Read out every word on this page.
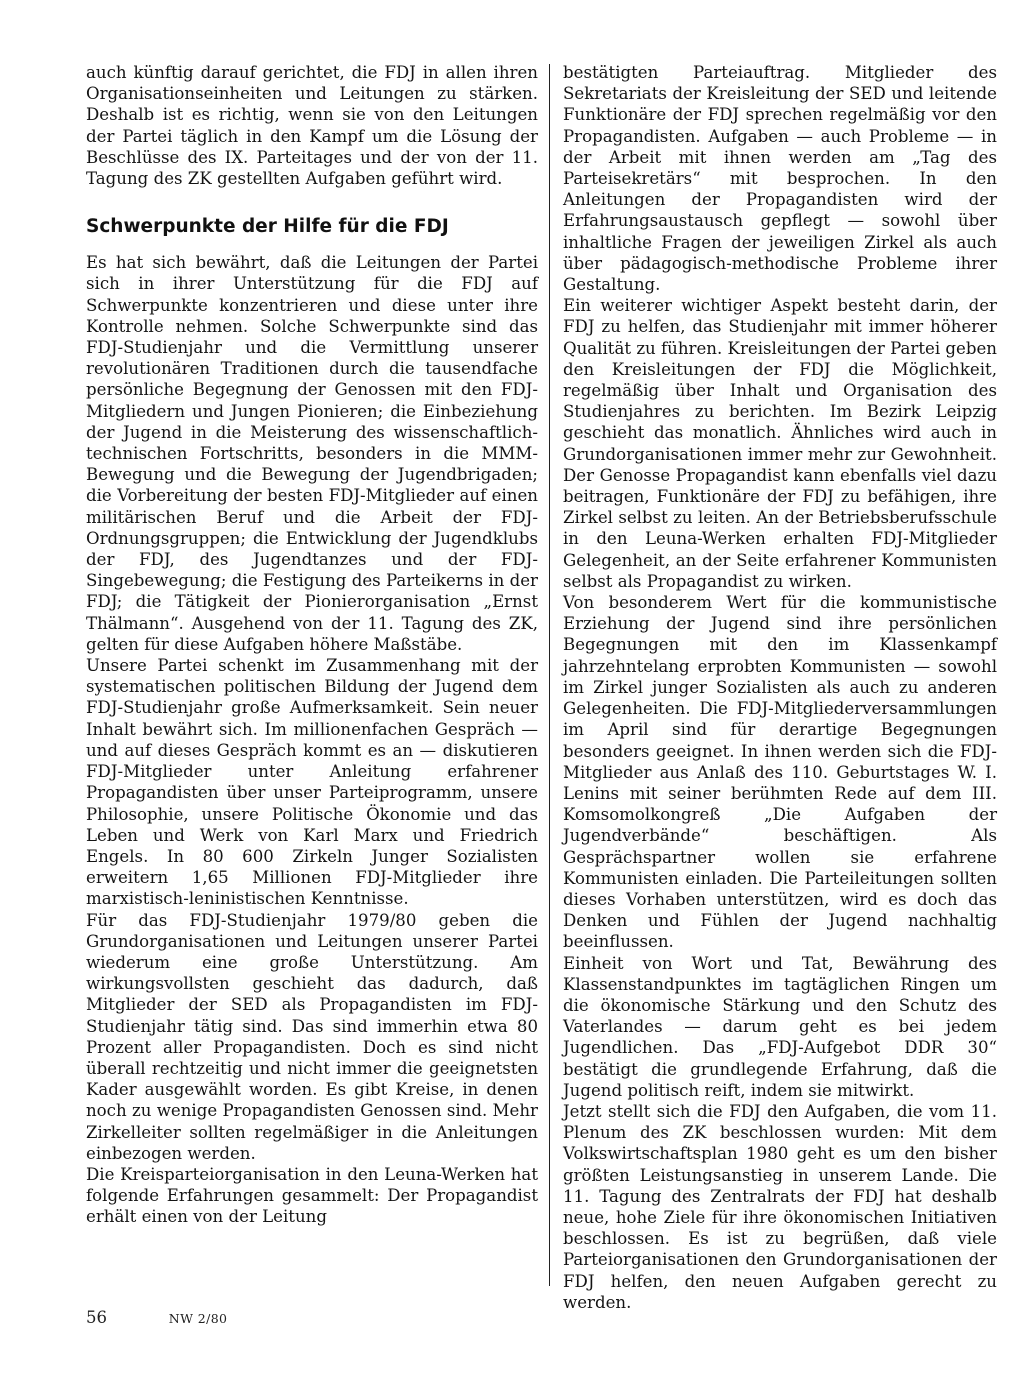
auch künftig darauf gerichtet, die FDJ in allen ihren Organisationseinheiten und Leitungen zu stärken. Deshalb ist es richtig, wenn sie von den Leitungen der Partei täglich in den Kampf um die Lösung der Beschlüsse des IX. Parteitages und der von der 11. Tagung des ZK gestellten Aufgaben geführt wird.

Schwerpunkte der Hilfe für die FDJ

Es hat sich bewährt, daß die Leitungen der Partei sich in ihrer Unterstützung für die FDJ auf Schwerpunkte konzentrieren und diese unter ihre Kontrolle nehmen. Solche Schwerpunkte sind das FDJ-Studienjahr und die Vermittlung unserer revolutionären Traditionen durch die tausendfache persönliche Begegnung der Genossen mit den FDJ-Mitgliedern und Jungen Pionieren; die Einbeziehung der Jugend in die Meisterung des wissenschaftlich-technischen Fortschritts, besonders in die MMM-Bewegung und die Bewegung der Jugendbrigaden; die Vorbereitung der besten FDJ-Mitglieder auf einen militärischen Beruf und die Arbeit der FDJ-Ordnungsgruppen; die Entwicklung der Jugendklubs der FDJ, des Jugendtanzes und der FDJ-Singebewegung; die Festigung des Parteikerns in der FDJ; die Tätigkeit der Pionierorganisation „Ernst Thälmann“. Ausgehend von der 11. Tagung des ZK, gelten für diese Aufgaben höhere Maßstäbe.

Unsere Partei schenkt im Zusammenhang mit der systematischen politischen Bildung der Jugend dem FDJ-Studienjahr große Aufmerksamkeit. Sein neuer Inhalt bewährt sich. Im millionenfachen Gespräch — und auf dieses Gespräch kommt es an — diskutieren FDJ-Mitglieder unter Anleitung erfahrener Propagandisten über unser Parteiprogramm, unsere Philosophie, unsere Politische Ökonomie und das Leben und Werk von Karl Marx und Friedrich Engels. In 80 600 Zirkeln Junger Sozialisten erweitern 1,65 Millionen FDJ-Mitglieder ihre marxistisch-leninistischen Kenntnisse.

Für das FDJ-Studienjahr 1979/80 geben die Grundorganisationen und Leitungen unserer Partei wiederum eine große Unterstützung. Am wirkungsvollsten geschieht das dadurch, daß Mitglieder der SED als Propagandisten im FDJ-Studienjahr tätig sind. Das sind immerhin etwa 80 Prozent aller Propagandisten. Doch es sind nicht überall rechtzeitig und nicht immer die geeignetsten Kader ausgewählt worden. Es gibt Kreise, in denen noch zu wenige Propagandisten Genossen sind. Mehr Zirkelleiter sollten regelmäßiger in die Anleitungen einbezogen werden.

Die Kreisparteiorganisation in den Leuna-Werken hat folgende Erfahrungen gesammelt: Der Propagandist erhält einen von der Leitung

bestätigten Parteiauftrag. Mitglieder des Sekretariats der Kreisleitung der SED und leitende Funktionäre der FDJ sprechen regelmäßig vor den Propagandisten. Aufgaben — auch Probleme — in der Arbeit mit ihnen werden am „Tag des Parteisekretärs“ mit besprochen. In den Anleitungen der Propagandisten wird der Erfahrungsaustausch gepflegt — sowohl über inhaltliche Fragen der jeweiligen Zirkel als auch über pädagogisch-methodische Probleme ihrer Gestaltung.

Ein weiterer wichtiger Aspekt besteht darin, der FDJ zu helfen, das Studienjahr mit immer höherer Qualität zu führen. Kreisleitungen der Partei geben den Kreisleitungen der FDJ die Möglichkeit, regelmäßig über Inhalt und Organisation des Studienjahres zu berichten. Im Bezirk Leipzig geschieht das monatlich. Ähnliches wird auch in Grundorganisationen immer mehr zur Gewohnheit. Der Genosse Propagandist kann ebenfalls viel dazu beitragen, Funktionäre der FDJ zu befähigen, ihre Zirkel selbst zu leiten. An der Betriebsberufsschule in den Leuna-Werken erhalten FDJ-Mitglieder Gelegenheit, an der Seite erfahrener Kommunisten selbst als Propagandist zu wirken.

Von besonderem Wert für die kommunistische Erziehung der Jugend sind ihre persönlichen Begegnungen mit den im Klassenkampf jahrzehntelang erprobten Kommunisten — sowohl im Zirkel junger Sozialisten als auch zu anderen Gelegenheiten. Die FDJ-Mitgliederversammlungen im April sind für derartige Begegnungen besonders geeignet. In ihnen werden sich die FDJ-Mitglieder aus Anlaß des 110. Geburtstages W. I. Lenins mit seiner berühmten Rede auf dem III. Komsomolkongreß „Die Aufgaben der Jugendverbände“ beschäftigen. Als Gesprächspartner wollen sie erfahrene Kommunisten einladen. Die Parteileitungen sollten dieses Vorhaben unterstützen, wird es doch das Denken und Fühlen der Jugend nachhaltig beeinflussen.

Einheit von Wort und Tat, Bewährung des Klassenstandpunktes im tagtäglichen Ringen um die ökonomische Stärkung und den Schutz des Vaterlandes — darum geht es bei jedem Jugendlichen. Das „FDJ-Aufgebot DDR 30“ bestätigt die grundlegende Erfahrung, daß die Jugend politisch reift, indem sie mitwirkt.

Jetzt stellt sich die FDJ den Aufgaben, die vom 11. Plenum des ZK beschlossen wurden: Mit dem Volkswirtschaftsplan 1980 geht es um den bisher größten Leistungsanstieg in unserem Lande. Die 11. Tagung des Zentralrats der FDJ hat deshalb neue, hohe Ziele für ihre ökonomischen Initiativen beschlossen. Es ist zu begrüßen, daß viele Parteiorganisationen den Grundorganisationen der FDJ helfen, den neuen Aufgaben gerecht zu werden.

56	NW 2/80
